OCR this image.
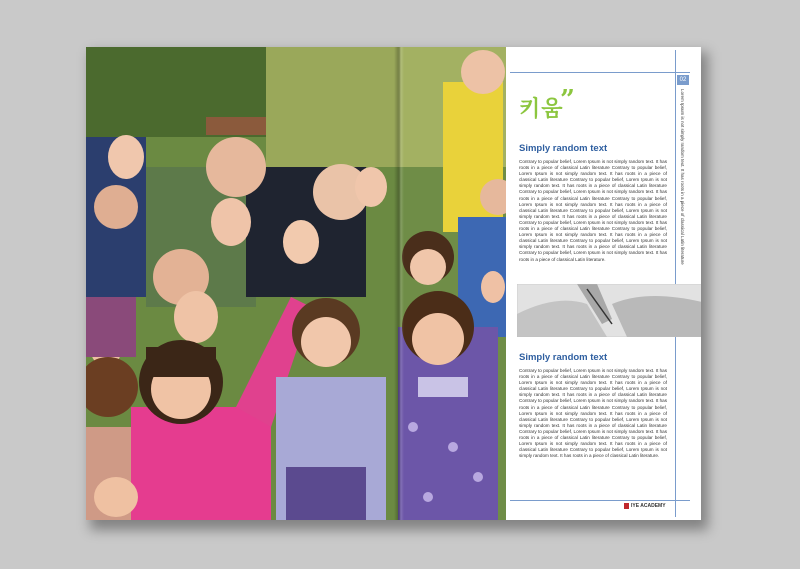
02
Lorem Ipsum is not simply random text. It has roots in a piece of classical Latin literature
키움
”
Simply random text
Contrary to popular belief, Lorem Ipsum is not simply random text. It has roots in a piece of classical Latin literature Contrary to popular belief, Lorem Ipsum is not simply random text. It has roots in a piece of classical Latin literature Contrary to popular belief, Lorem Ipsum is not simply random text. It has roots in a piece of classical Latin literature Contrary to popular belief, Lorem Ipsum is not simply random text. It has roots in a piece of classical Latin literature Contrary to popular belief, Lorem Ipsum is not simply random text. It has roots in a piece of classical Latin literature Contrary to popular belief, Lorem Ipsum is not simply random text. It has roots in a piece of classical Latin literature Contrary to popular belief, Lorem Ipsum is not simply random text. It has roots in a piece of classical Latin literature Contrary to popular belief, Lorem Ipsum is not simply random text. It has roots in a piece of classical Latin literature Contrary to popular belief, Lorem Ipsum is not simply random text. It has roots in a piece of classical Latin literature Contrary to popular belief, Lorem Ipsum is not simply random text. It has roots in a piece of classical Latin literature.
Simply random text
Contrary to popular belief, Lorem Ipsum is not simply random text. It has roots in a piece of classical Latin literature Contrary to popular belief, Lorem Ipsum is not simply random text. It has roots in a piece of classical Latin literature Contrary to popular belief, Lorem Ipsum is not simply random text. It has roots in a piece of classical Latin literature Contrary to popular belief, Lorem Ipsum is not simply random text. It has roots in a piece of classical Latin literature Contrary to popular belief, Lorem Ipsum is not simply random text. It has roots in a piece of classical Latin literature Contrary to popular belief, Lorem Ipsum is not simply random text. It has roots in a piece of classical Latin literature Contrary to popular belief, Lorem Ipsum is not simply random text. It has roots in a piece of classical Latin literature Contrary to popular belief, Lorem Ipsum is not simply random text. It has roots in a piece of classical Latin literature Contrary to popular belief, Lorem Ipsum is not simply random text. It has roots in a piece of classical Latin literature.
IYE ACADEMY
